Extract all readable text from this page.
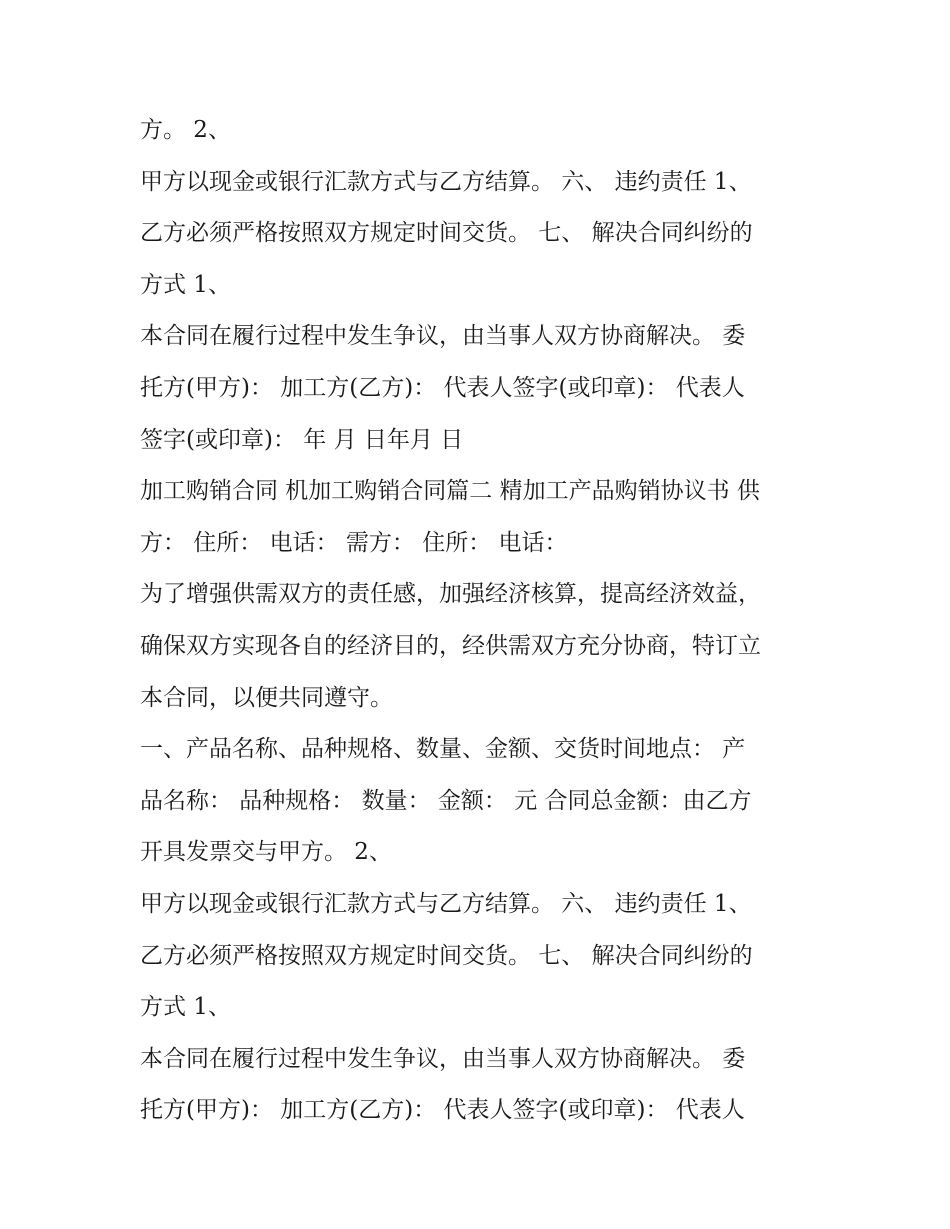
方。 2、

甲方以现金或银行汇款方式与乙方结算。 六、 违约责任 1、

乙方必须严格按照双方规定时间交货。 七、 解决合同纠纷的

方式 1、

本合同在履行过程中发生争议，由当事人双方协商解决。 委

托方(甲方)： 加工方(乙方)： 代表人签字(或印章)： 代表人

签字(或印章)： 年 月 日年月 日

加工购销合同 机加工购销合同篇二 精加工产品购销协议书 供

方： 住所： 电话： 需方： 住所： 电话：

为了增强供需双方的责任感，加强经济核算，提高经济效益，

确保双方实现各自的经济目的，经供需双方充分协商，特订立

本合同，以便共同遵守。

一、产品名称、品种规格、数量、金额、交货时间地点： 产

品名称： 品种规格： 数量： 金额： 元 合同总金额：由乙方

开具发票交与甲方。 2、

甲方以现金或银行汇款方式与乙方结算。 六、 违约责任 1、

乙方必须严格按照双方规定时间交货。 七、 解决合同纠纷的

方式 1、

本合同在履行过程中发生争议，由当事人双方协商解决。 委

托方(甲方)： 加工方(乙方)： 代表人签字(或印章)： 代表人
